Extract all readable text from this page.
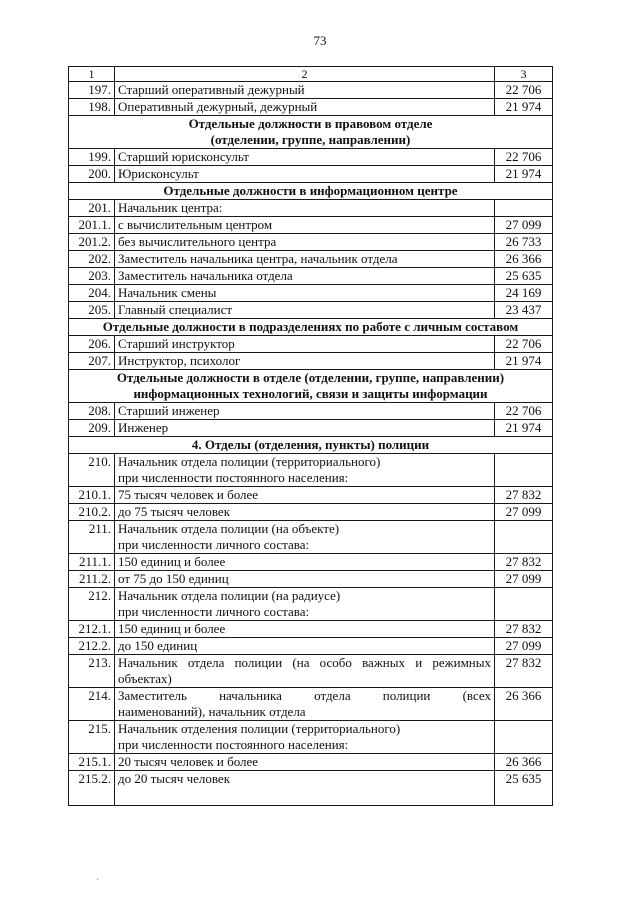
73
1	2	3
197.	Старший оперативный дежурный	22 706
198.	Оперативный дежурный, дежурный	21 974

Отдельные должности в правовом отделе
(отделении, группе, направлении)		

199.	Старший юрисконсульт	22 706
200.	Юрисконсульт	21 974

Отдельные должности в информационном центре		

201.	Начальник центра:	
201.1.	с вычислительным центром	27 099
201.2.	без вычислительного центра	26 733
202.	Заместитель начальника центра, начальник отдела	26 366
203.	Заместитель начальника отдела	25 635
204.	Начальник смены	24 169
205.	Главный специалист	23 437

Отдельные должности в подразделениях по работе с личным составом		

206.	Старший инструктор	22 706
207.	Инструктор, психолог	21 974

Отдельные должности в отделе (отделении, группе, направлении)
информационных технологий, связи и защиты информации		

208.	Старший инженер	22 706
209.	Инженер	21 974

4. Отделы (отделения, пункты) полиции		

210.	Начальник отдела полиции (территориального)
при численности постоянного населения:	

210.1.	75 тысяч человек и более	27 832
210.2.	до 75 тысяч человек	27 099
211.	Начальник отдела полиции (на объекте)
при численности личного состава:	

211.1.	150 единиц и более	27 832
211.2.	от 75 до 150 единиц	27 099
212.	Начальник отдела полиции (на радиусе)
при численности личного состава:	

212.1.	150 единиц и более	27 832
212.2.	до 150 единиц	27 099
213.	Начальник отдела полиции (на особо важных и режимных
объектах)	27 832
214.	Заместитель начальника отдела полиции (всех
наименований), начальник отдела	26 366
215.	Начальник отделения полиции (территориального)
при численности постоянного населения:	

215.1.	20 тысяч человек и более	26 366
215.2.	до 20 тысяч человек	25 635
`
